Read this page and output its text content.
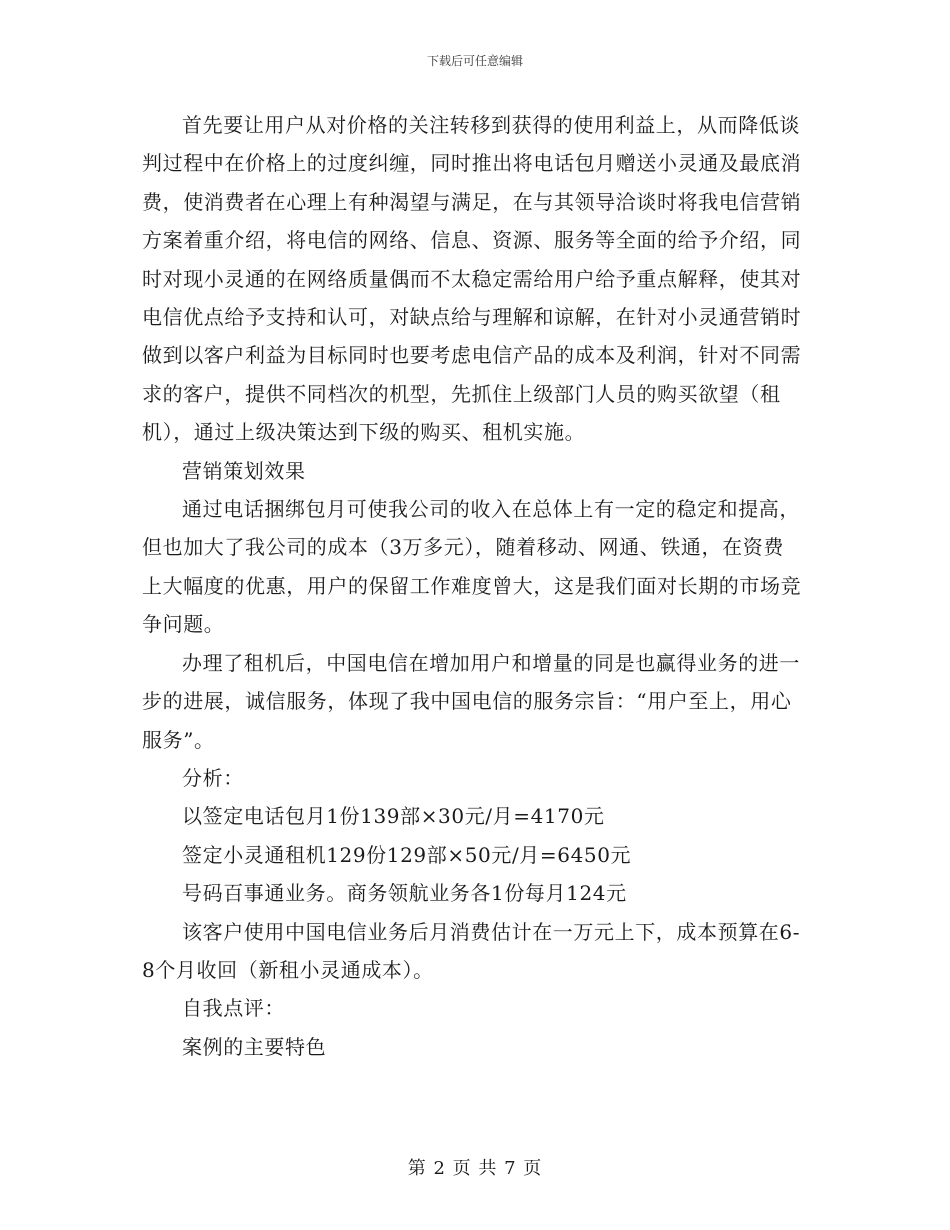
下载后可任意编辑

首先要让用户从对价格的关注转移到获得的使用利益上，从而降低谈判过程中在价格上的过度纠缠，同时推出将电话包月赠送小灵通及最底消费，使消费者在心理上有种渴望与满足，在与其领导洽谈时将我电信营销方案着重介绍，将电信的网络、信息、资源、服务等全面的给予介绍，同时对现小灵通的在网络质量偶而不太稳定需给用户给予重点解释，使其对电信优点给予支持和认可，对缺点给与理解和谅解，在针对小灵通营销时做到以客户利益为目标同时也要考虑电信产品的成本及利润，针对不同需求的客户，提供不同档次的机型，先抓住上级部门人员的购买欲望（租机），通过上级决策达到下级的购买、租机实施。

营销策划效果

通过电话捆绑包月可使我公司的收入在总体上有一定的稳定和提高，但也加大了我公司的成本（3万多元），随着移动、网通、铁通，在资费上大幅度的优惠，用户的保留工作难度曾大，这是我们面对长期的市场竞争问题。

办理了租机后，中国电信在增加用户和增量的同是也赢得业务的进一步的进展，诚信服务，体现了我中国电信的服务宗旨：“用户至上，用心服务”。

分析：

以签定电话包月1份139部×30元/月=4170元

签定小灵通租机129份129部×50元/月=6450元

号码百事通业务。商务领航业务各1份每月124元

该客户使用中国电信业务后月消费估计在一万元上下，成本预算在6-8个月收回（新租小灵通成本）。

自我点评：

案例的主要特色

第 2 页 共 7 页
